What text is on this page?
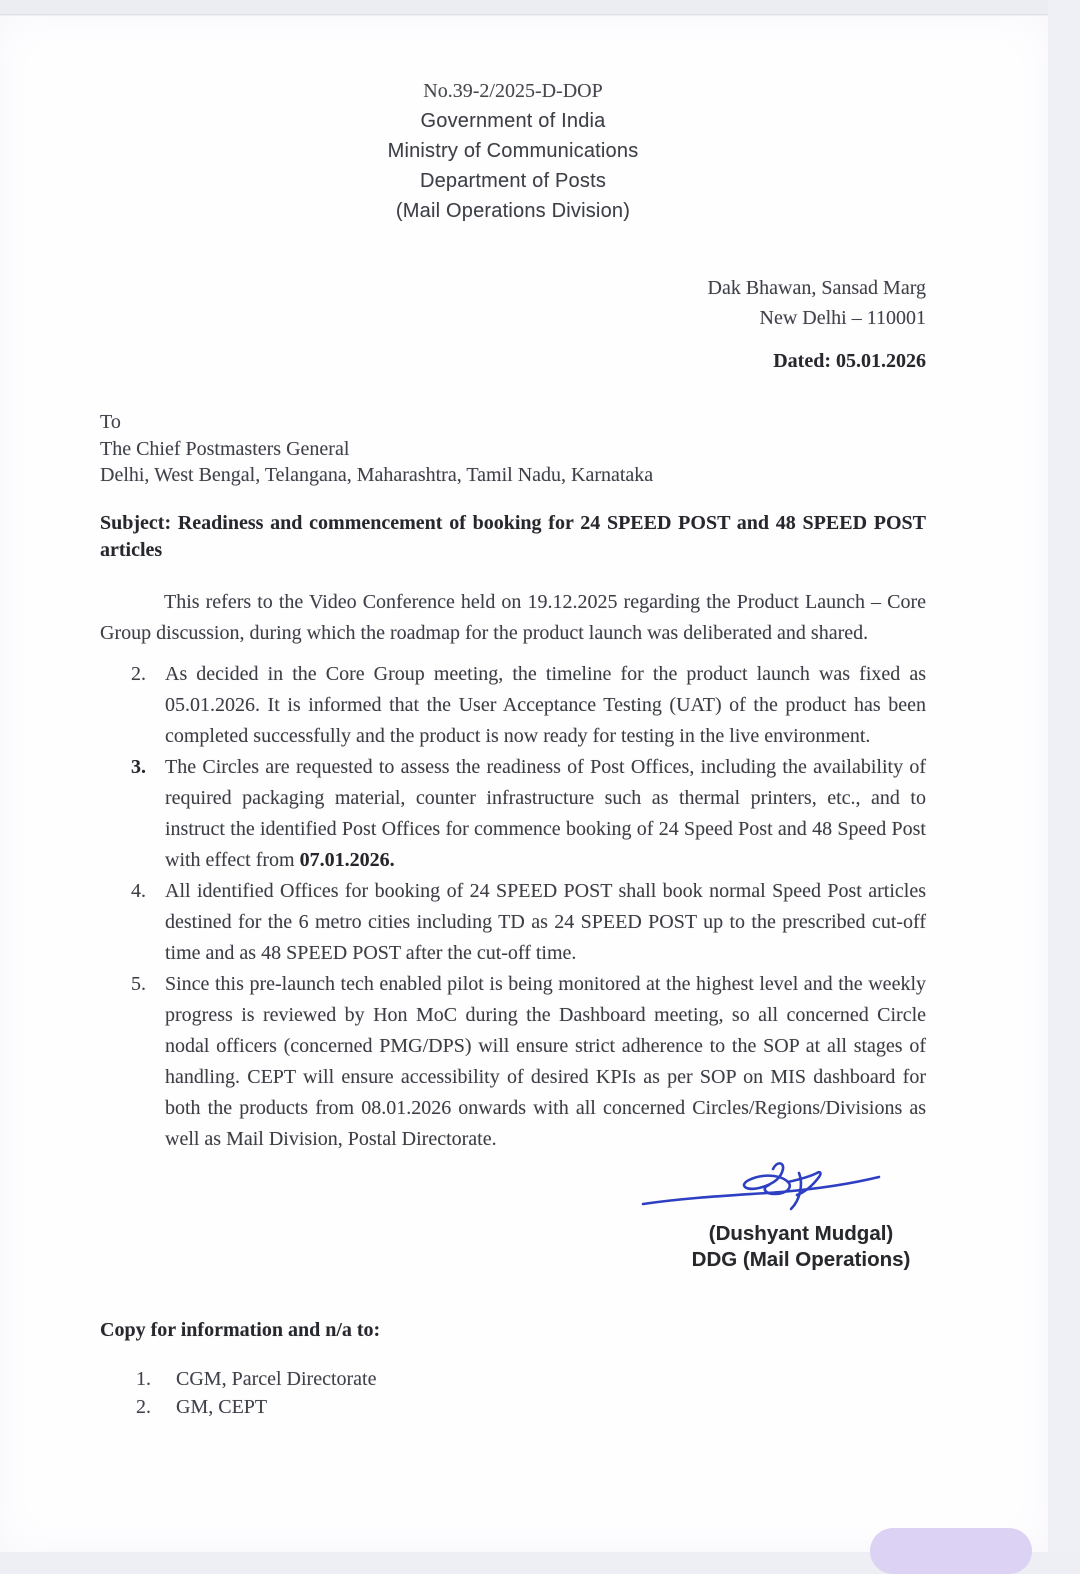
No.39-2/2025-D-DOP
Government of India
Ministry of Communications
Department of Posts
(Mail Operations Division)
Dak Bhawan, Sansad Marg
New Delhi – 110001
Dated: 05.01.2026
To
The Chief Postmasters General
Delhi, West Bengal, Telangana, Maharashtra, Tamil Nadu, Karnataka
Subject: Readiness and commencement of booking for 24 SPEED POST and 48 SPEED POST articles
This refers to the Video Conference held on 19.12.2025 regarding the Product Launch – Core Group discussion, during which the roadmap for the product launch was deliberated and shared.
2. As decided in the Core Group meeting, the timeline for the product launch was fixed as 05.01.2026. It is informed that the User Acceptance Testing (UAT) of the product has been completed successfully and the product is now ready for testing in the live environment.
3. The Circles are requested to assess the readiness of Post Offices, including the availability of required packaging material, counter infrastructure such as thermal printers, etc., and to instruct the identified Post Offices for commence booking of 24 Speed Post and 48 Speed Post with effect from 07.01.2026.
4. All identified Offices for booking of 24 SPEED POST shall book normal Speed Post articles destined for the 6 metro cities including TD as 24 SPEED POST up to the prescribed cut-off time and as 48 SPEED POST after the cut-off time.
5. Since this pre-launch tech enabled pilot is being monitored at the highest level and the weekly progress is reviewed by Hon MoC during the Dashboard meeting, so all concerned Circle nodal officers (concerned PMG/DPS) will ensure strict adherence to the SOP at all stages of handling. CEPT will ensure accessibility of desired KPIs as per SOP on MIS dashboard for both the products from 08.01.2026 onwards with all concerned Circles/Regions/Divisions as well as Mail Division, Postal Directorate.
(Dushyant Mudgal)
DDG (Mail Operations)
Copy for information and n/a to:
1.	CGM, Parcel Directorate
2.	GM, CEPT
